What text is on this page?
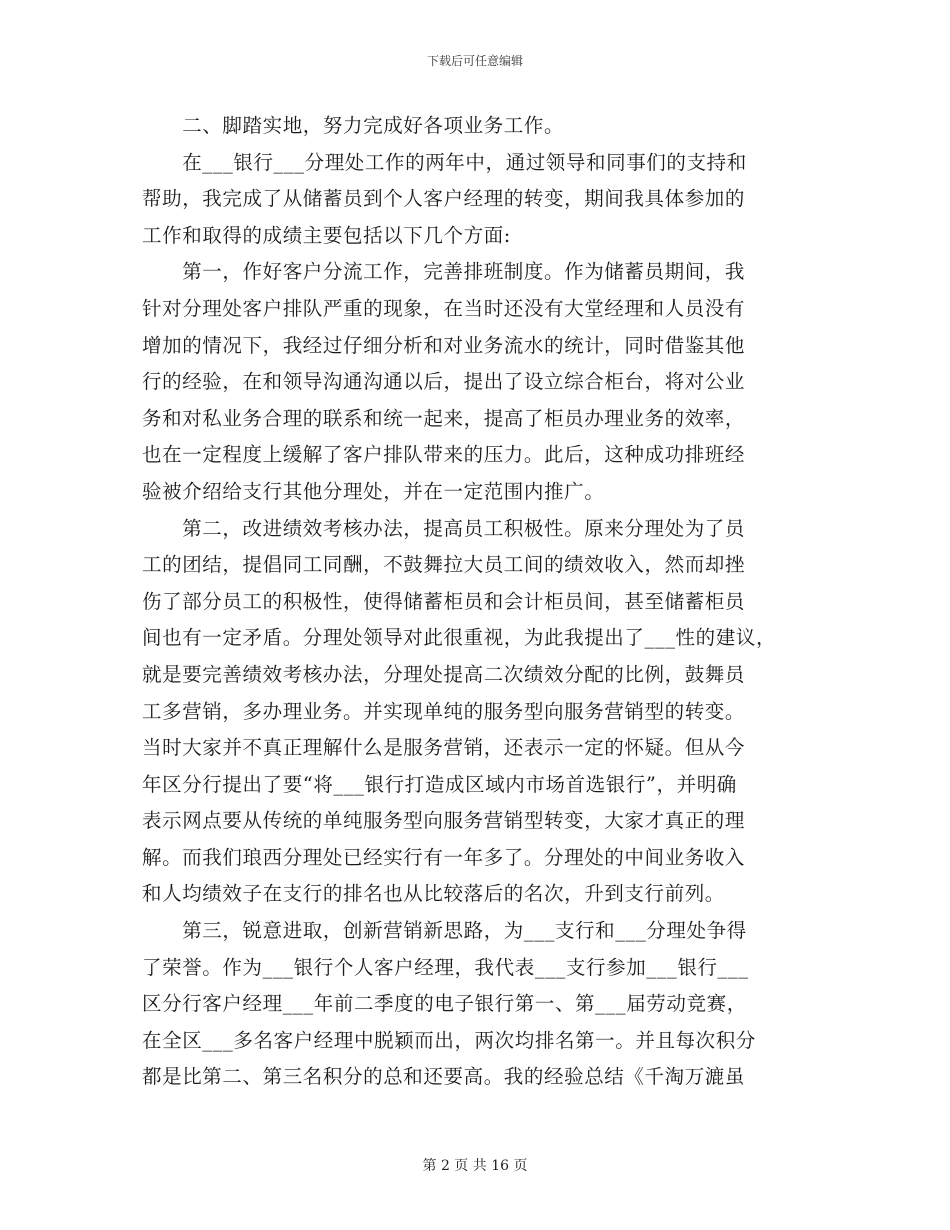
下载后可任意编辑
　　二、脚踏实地，努力完成好各项业务工作。
　　在___银行___分理处工作的两年中，通过领导和同事们的支持和
帮助，我完成了从储蓄员到个人客户经理的转变，期间我具体参加的
工作和取得的成绩主要包括以下几个方面:
　　第一，作好客户分流工作，完善排班制度。作为储蓄员期间，我
针对分理处客户排队严重的现象，在当时还没有大堂经理和人员没有
增加的情况下，我经过仔细分析和对业务流水的统计，同时借鉴其他
行的经验，在和领导沟通沟通以后，提出了设立综合柜台，将对公业
务和对私业务合理的联系和统一起来，提高了柜员办理业务的效率，
也在一定程度上缓解了客户排队带来的压力。此后，这种成功排班经
验被介绍给支行其他分理处，并在一定范围内推广。
　　第二，改进绩效考核办法，提高员工积极性。原来分理处为了员
工的团结，提倡同工同酬，不鼓舞拉大员工间的绩效收入，然而却挫
伤了部分员工的积极性，使得储蓄柜员和会计柜员间，甚至储蓄柜员
间也有一定矛盾。分理处领导对此很重视，为此我提出了___性的建议，
就是要完善绩效考核办法，分理处提高二次绩效分配的比例，鼓舞员
工多营销，多办理业务。并实现单纯的服务型向服务营销型的转变。
当时大家并不真正理解什么是服务营销，还表示一定的怀疑。但从今
年区分行提出了要“将___银行打造成区域内市场首选银行”，并明确
表示网点要从传统的单纯服务型向服务营销型转变，大家才真正的理
解。而我们琅西分理处已经实行有一年多了。分理处的中间业务收入
和人均绩效子在支行的排名也从比较落后的名次，升到支行前列。
　　第三，锐意进取，创新营销新思路，为___支行和___分理处争得
了荣誉。作为___银行个人客户经理，我代表___支行参加___银行___
区分行客户经理___年前二季度的电子银行第一、第___届劳动竞赛，
在全区___多名客户经理中脱颖而出，两次均排名第一。并且每次积分
都是比第二、第三名积分的总和还要高。我的经验总结《千淘万漉虽
第 2 页 共 16 页
